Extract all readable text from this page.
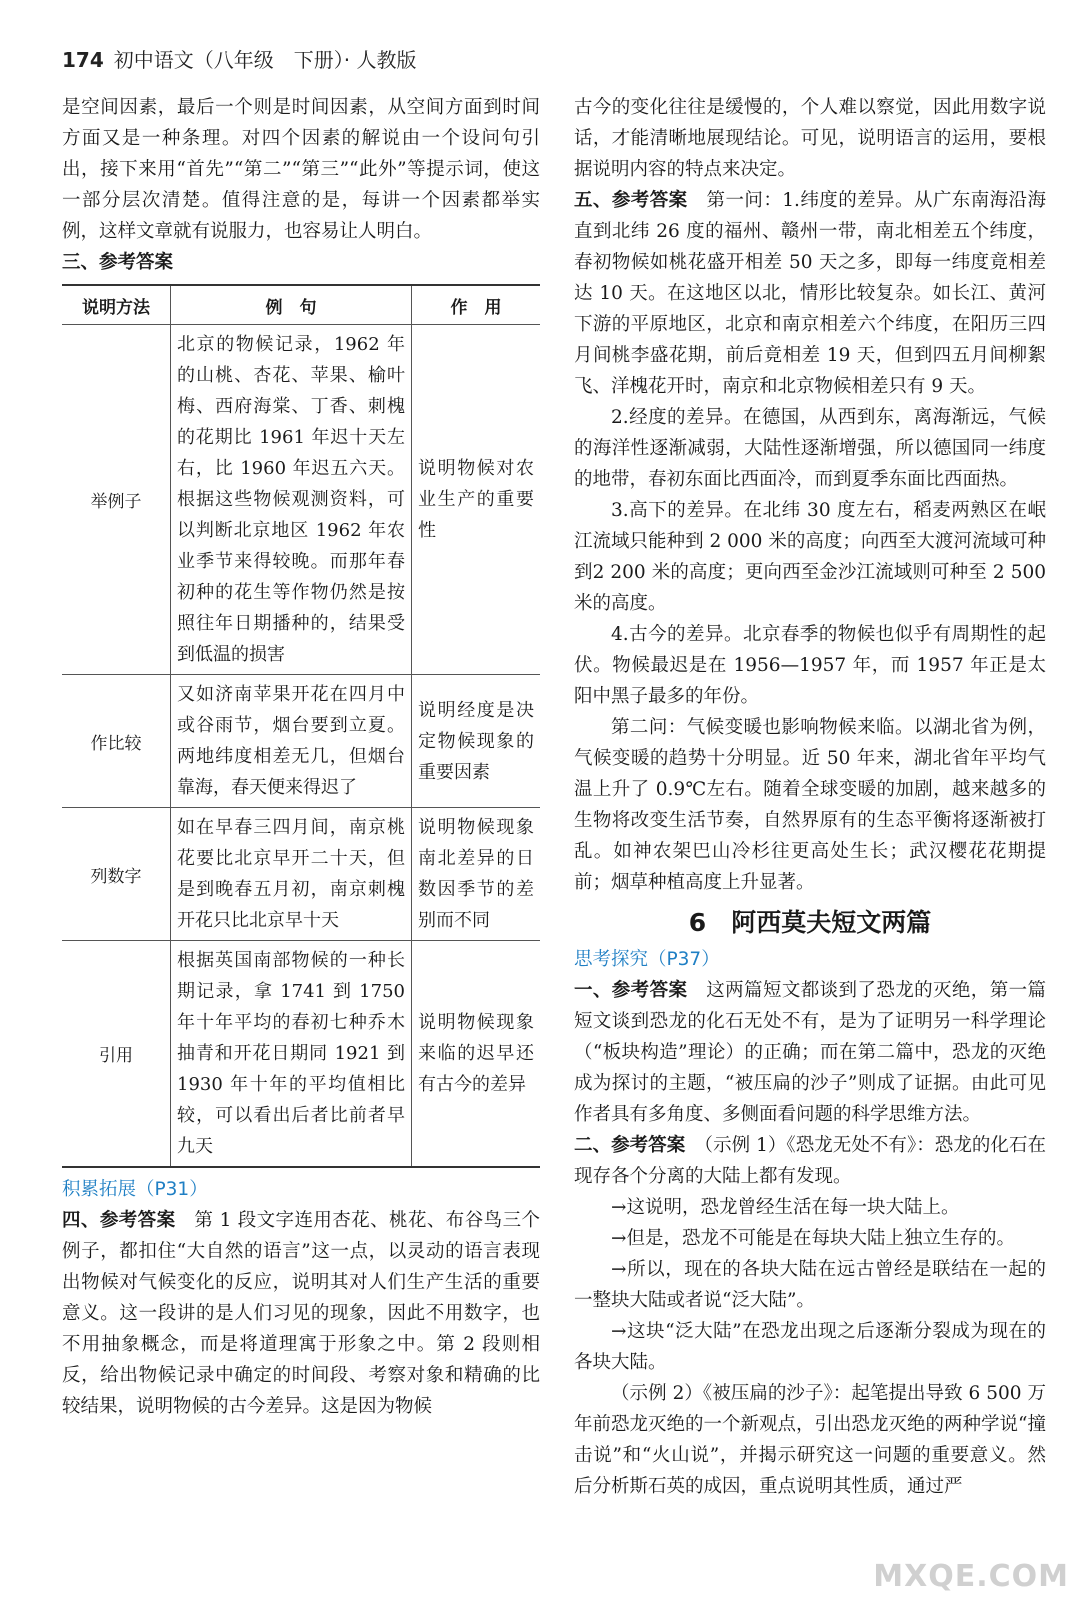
174 初中语文（八年级　下册）· 人教版

是空间因素，最后一个则是时间因素，从空间方面到时间方面又是一种条理。对四个因素的解说由一个设问句引出，接下来用“首先”“第二”“第三”“此外”等提示词，使这一部分层次清楚。值得注意的是，每讲一个因素都举实例，这样文章就有说服力，也容易让人明白。

三、参考答案

说明方法	例　句	作　用
举例子	北京的物候记录，1962 年的山桃、杏花、苹果、榆叶梅、西府海棠、丁香、刺槐的花期比 1961 年迟十天左右，比 1960 年迟五六天。根据这些物候观测资料，可以判断北京地区 1962 年农业季节来得较晚。而那年春初种的花生等作物仍然是按照往年日期播种的，结果受到低温的损害	说明物候对农业生产的重要性
作比较	又如济南苹果开花在四月中或谷雨节，烟台要到立夏。两地纬度相差无几，但烟台靠海，春天便来得迟了	说明经度是决定物候现象的重要因素
列数字	如在早春三四月间，南京桃花要比北京早开二十天，但是到晚春五月初，南京刺槐开花只比北京早十天	说明物候现象南北差异的日数因季节的差别而不同
引用	根据英国南部物候的一种长期记录，拿 1741 到 1750 年十年平均的春初七种乔木抽青和开花日期同 1921 到 1930 年十年的平均值相比较，可以看出后者比前者早九天	说明物候现象来临的迟早还有古今的差异

积累拓展（P31）

四、参考答案　第 1 段文字连用杏花、桃花、布谷鸟三个例子，都扣住“大自然的语言”这一点，以灵动的语言表现出物候对气候变化的反应，说明其对人们生产生活的重要意义。这一段讲的是人们习见的现象，因此不用数字，也不用抽象概念，而是将道理寓于形象之中。第 2 段则相反，给出物候记录中确定的时间段、考察对象和精确的比较结果，说明物候的古今差异。这是因为物候

古今的变化往往是缓慢的，个人难以察觉，因此用数字说话，才能清晰地展现结论。可见，说明语言的运用，要根据说明内容的特点来决定。

五、参考答案　第一问：1.纬度的差异。从广东南海沿海直到北纬 26 度的福州、赣州一带，南北相差五个纬度，春初物候如桃花盛开相差 50 天之多，即每一纬度竟相差达 10 天。在这地区以北，情形比较复杂。如长江、黄河下游的平原地区，北京和南京相差六个纬度，在阳历三四月间桃李盛花期，前后竟相差 19 天，但到四五月间柳絮飞、洋槐花开时，南京和北京物候相差只有 9 天。

2.经度的差异。在德国，从西到东，离海渐远，气候的海洋性逐渐减弱，大陆性逐渐增强，所以德国同一纬度的地带，春初东面比西面冷，而到夏季东面比西面热。

3.高下的差异。在北纬 30 度左右，稻麦两熟区在岷江流域只能种到 2 000 米的高度；向西至大渡河流域可种到2 200 米的高度；更向西至金沙江流域则可种至 2 500 米的高度。

4.古今的差异。北京春季的物候也似乎有周期性的起伏。物候最迟是在 1956—1957 年，而 1957 年正是太阳中黑子最多的年份。

第二问：气候变暖也影响物候来临。以湖北省为例，气候变暖的趋势十分明显。近 50 年来，湖北省年平均气温上升了 0.9℃左右。随着全球变暖的加剧，越来越多的生物将改变生活节奏，自然界原有的生态平衡将逐渐被打乱。如神农架巴山冷杉往更高处生长；武汉樱花花期提前；烟草种植高度上升显著。

6　阿西莫夫短文两篇

思考探究（P37）

一、参考答案　这两篇短文都谈到了恐龙的灭绝，第一篇短文谈到恐龙的化石无处不有，是为了证明另一科学理论（“板块构造”理论）的正确；而在第二篇中，恐龙的灭绝成为探讨的主题，“被压扁的沙子”则成了证据。由此可见作者具有多角度、多侧面看问题的科学思维方法。

二、参考答案　（示例 1）《恐龙无处不有》：恐龙的化石在现存各个分离的大陆上都有发现。

→这说明，恐龙曾经生活在每一块大陆上。

→但是，恐龙不可能是在每块大陆上独立生存的。

→所以，现在的各块大陆在远古曾经是联结在一起的一整块大陆或者说“泛大陆”。

→这块“泛大陆”在恐龙出现之后逐渐分裂成为现在的各块大陆。

（示例 2）《被压扁的沙子》：起笔提出导致 6 500 万年前恐龙灭绝的一个新观点，引出恐龙灭绝的两种学说“撞击说”和“火山说”，并揭示研究这一问题的重要意义。然后分析斯石英的成因，重点说明其性质，通过严

MXQE.COM
